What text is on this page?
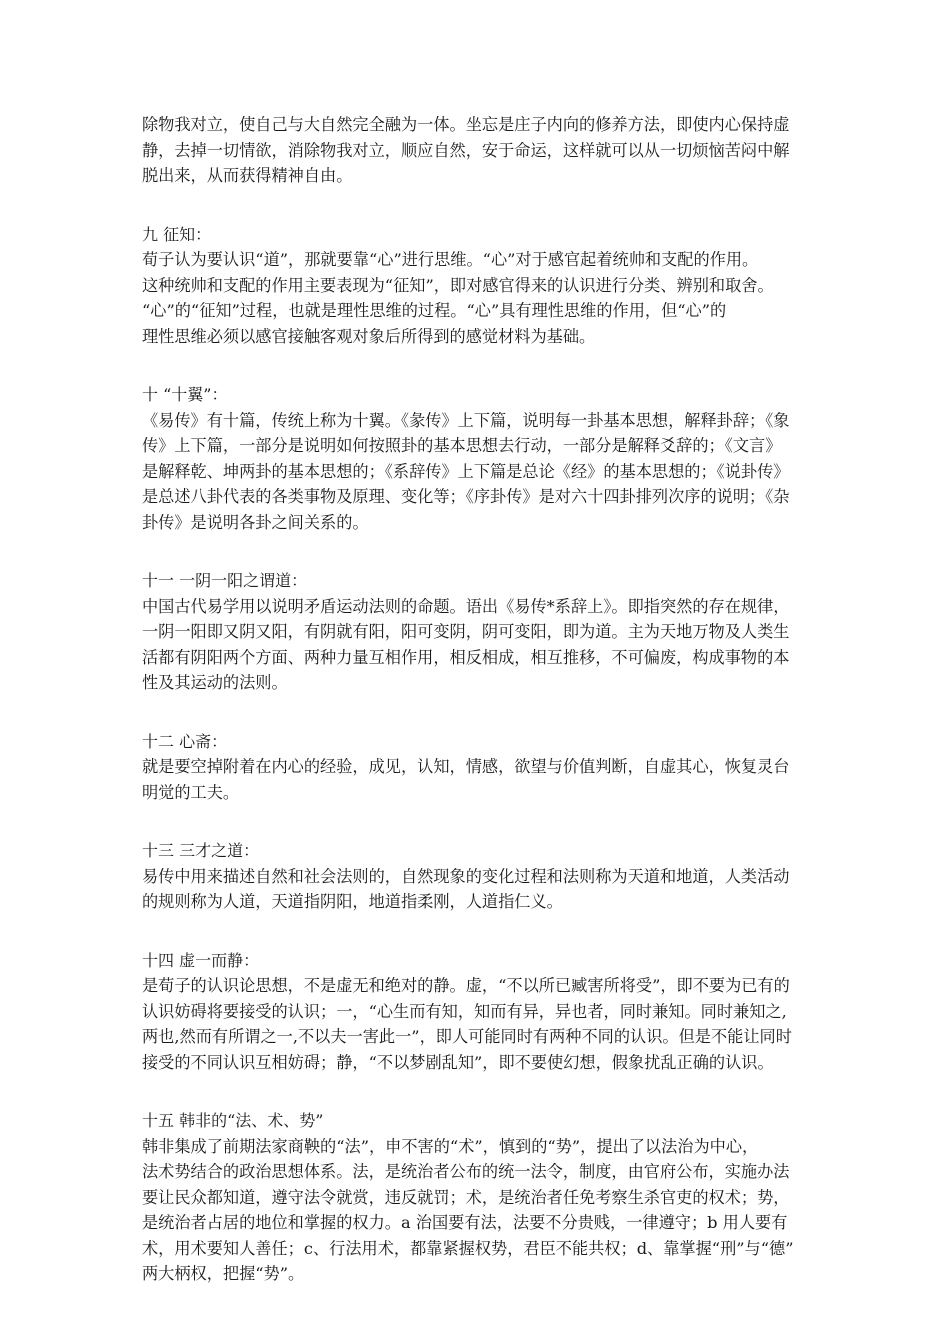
除物我对立，使自己与大自然完全融为一体。坐忘是庄子内向的修养方法，即使内心保持虚
静，去掉一切情欲，消除物我对立，顺应自然，安于命运，这样就可以从一切烦恼苦闷中解
脱出来，从而获得精神自由。
九 征知：
荀子认为要认识“道”，那就要靠“心”进行思维。“心”对于感官起着统帅和支配的作用。
这种统帅和支配的作用主要表现为“征知”，即对感官得来的认识进行分类、辨别和取舍。
“心”的“征知”过程，也就是理性思维的过程。“心”具有理性思维的作用，但“心”的
理性思维必须以感官接触客观对象后所得到的感觉材料为基础。
十 “十翼”：
《易传》有十篇，传统上称为十翼。《彖传》上下篇，说明每一卦基本思想，解释卦辞；《象
传》上下篇，一部分是说明如何按照卦的基本思想去行动，一部分是解释爻辞的；《文言》
是解释乾、坤两卦的基本思想的；《系辞传》上下篇是总论《经》的基本思想的；《说卦传》
是总述八卦代表的各类事物及原理、变化等；《序卦传》是对六十四卦排列次序的说明；《杂
卦传》是说明各卦之间关系的。
十一 一阴一阳之谓道：
中国古代易学用以说明矛盾运动法则的命题。语出《易传*系辞上》。即指突然的存在规律，
一阴一阳即又阴又阳，有阴就有阳，阳可变阴，阴可变阳，即为道。主为天地万物及人类生
活都有阴阳两个方面、两种力量互相作用，相反相成，相互推移，不可偏废，构成事物的本
性及其运动的法则。
十二 心斋：
就是要空掉附着在内心的经验，成见，认知，情感，欲望与价值判断，自虚其心，恢复灵台
明觉的工夫。
十三 三才之道：
易传中用来描述自然和社会法则的，自然现象的变化过程和法则称为天道和地道，人类活动
的规则称为人道，天道指阴阳，地道指柔刚，人道指仁义。
十四 虚一而静：
是荀子的认识论思想，不是虚无和绝对的静。虚，“不以所已臧害所将受”，即不要为已有的
认识妨碍将要接受的认识；一，“心生而有知，知而有异，异也者，同时兼知。同时兼知之,
两也,然而有所谓之一,不以夫一害此一”，即人可能同时有两种不同的认识。但是不能让同时
接受的不同认识互相妨碍；静，“不以梦剧乱知”，即不要使幻想，假象扰乱正确的认识。
十五 韩非的“法、术、势”
韩非集成了前期法家商鞅的“法”，申不害的“术”，慎到的“势”，提出了以法治为中心，
法术势结合的政治思想体系。法，是统治者公布的统一法令，制度，由官府公布，实施办法
要让民众都知道，遵守法令就赏，违反就罚；术，是统治者任免考察生杀官吏的权术；势，
是统治者占居的地位和掌握的权力。a 治国要有法，法要不分贵贱，一律遵守；b 用人要有
术，用术要知人善任；c、行法用术，都靠紧握权势，君臣不能共权；d、靠掌握“刑”与“德”
两大柄权，把握“势”。
